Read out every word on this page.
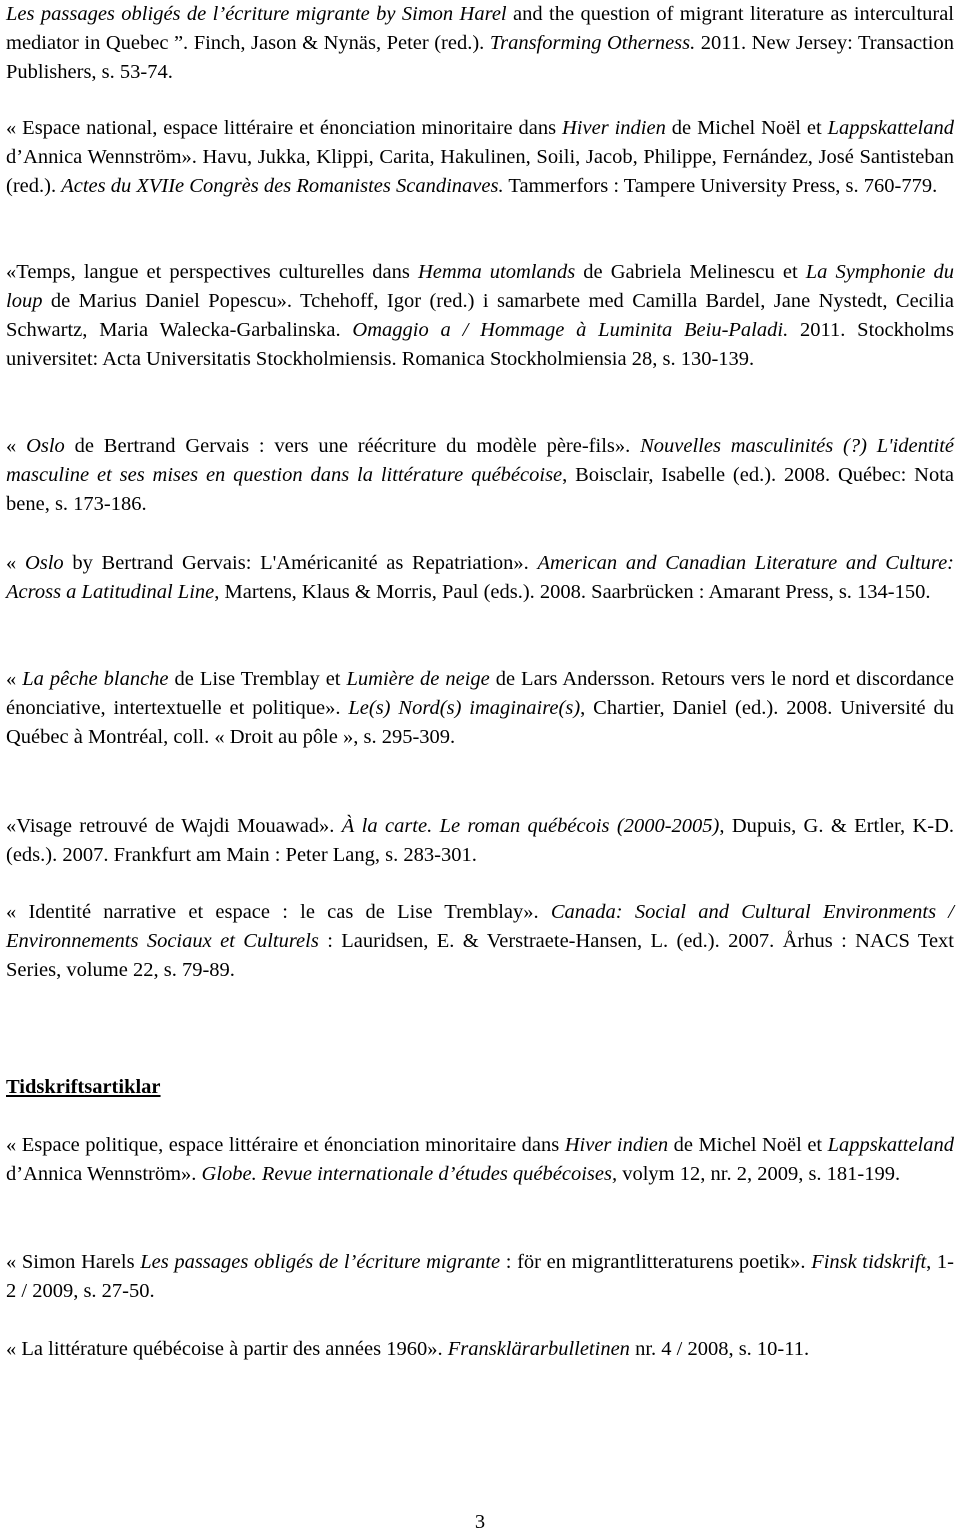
Les passages obligés de l’écriture migrante by Simon Harel and the question of migrant literature as intercultural mediator in Quebec ”. Finch, Jason & Nynäs, Peter (red.). Transforming Otherness. 2011. New Jersey: Transaction Publishers, s. 53-74.

« Espace national, espace littéraire et énonciation minoritaire dans Hiver indien de Michel Noël et Lappskatteland d’Annica Wennström». Havu, Jukka, Klippi, Carita, Hakulinen, Soili, Jacob, Philippe, Fernández, José Santisteban (red.). Actes du XVIIe Congrès des Romanistes Scandinaves. Tammerfors : Tampere University Press, s. 760-779.

«Temps, langue et perspectives culturelles dans Hemma utomlands de Gabriela Melinescu et La Symphonie du loup de Marius Daniel Popescu». Tchehoff, Igor (red.) i samarbete med Camilla Bardel, Jane Nystedt, Cecilia Schwartz, Maria Walecka-Garbalinska. Omaggio a / Hommage à Luminita Beiu-Paladi. 2011. Stockholms universitet: Acta Universitatis Stockholmiensis. Romanica Stockholmiensia 28, s. 130-139.

« Oslo de Bertrand Gervais : vers une réécriture du modèle père-fils». Nouvelles masculinités (?) L'identité masculine et ses mises en question dans la littérature québécoise, Boisclair, Isabelle (ed.). 2008. Québec: Nota bene, s. 173-186.

« Oslo by Bertrand Gervais: L'Américanité as Repatriation». American and Canadian Literature and Culture: Across a Latitudinal Line, Martens, Klaus & Morris, Paul (eds.). 2008. Saarbrücken : Amarant Press, s. 134-150.

« La pêche blanche de Lise Tremblay et Lumière de neige de Lars Andersson. Retours vers le nord et discordance énonciative, intertextuelle et politique». Le(s) Nord(s) imaginaire(s), Chartier, Daniel (ed.). 2008. Université du Québec à Montréal, coll. « Droit au pôle », s. 295-309.

«Visage retrouvé de Wajdi Mouawad». À la carte. Le roman québécois (2000-2005), Dupuis, G. & Ertler, K-D. (eds.). 2007. Frankfurt am Main : Peter Lang, s. 283-301.

« Identité narrative et espace : le cas de Lise Tremblay». Canada: Social and Cultural Environments / Environnements Sociaux et Culturels : Lauridsen, E. & Verstraete-Hansen, L. (ed.). 2007. Århus : NACS Text Series, volume 22, s. 79-89.

Tidskriftsartiklar

« Espace politique, espace littéraire et énonciation minoritaire dans Hiver indien de Michel Noël et Lappskatteland d’Annica Wennström». Globe. Revue internationale d’études québécoises, volym 12, nr. 2, 2009, s. 181-199.

« Simon Harels Les passages obligés de l’écriture migrante : för en migrantlitteraturens poetik». Finsk tidskrift, 1-2 / 2009, s. 27-50.

« La littérature québécoise à partir des années 1960». Fransklärarbulletinen nr. 4 / 2008, s. 10-11.

3
